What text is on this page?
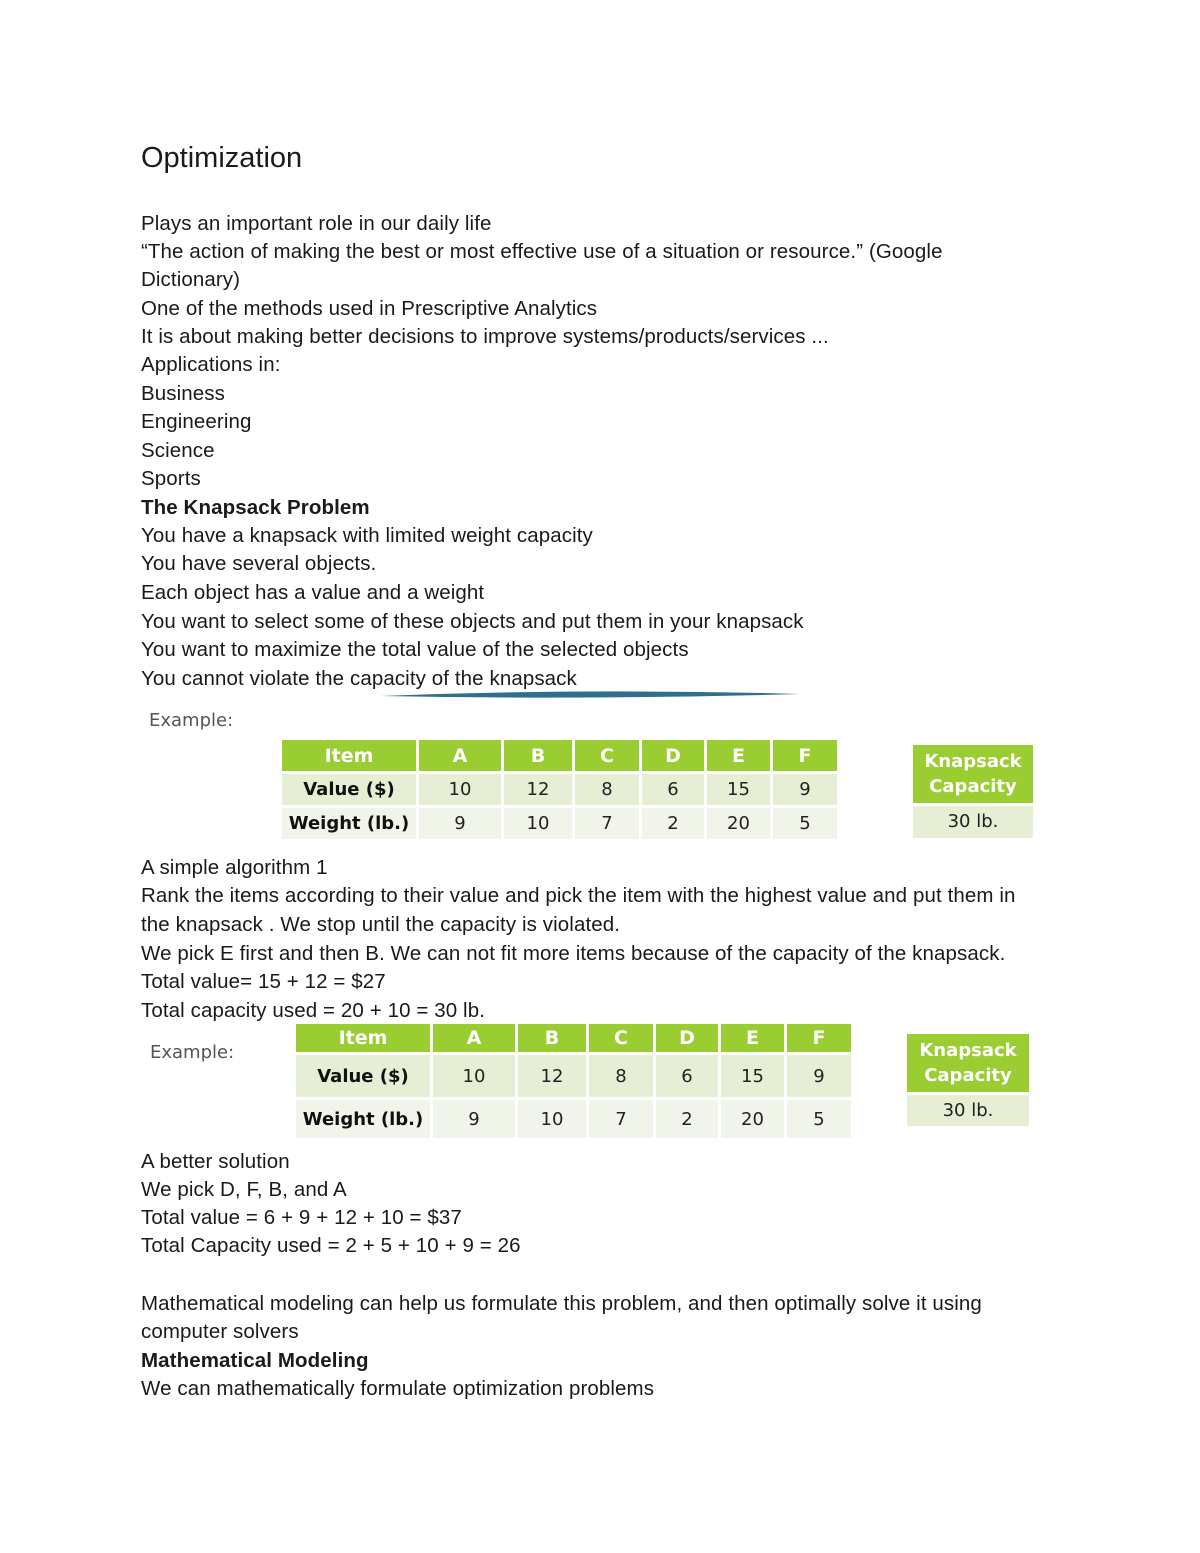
Optimization
Plays an important role in our daily life
“The action of making the best or most effective use of a situation or resource.” (Google
Dictionary)
One of the methods used in Prescriptive Analytics
It is about making better decisions to improve systems/products/services ...
Applications in:
Business
Engineering
Science
Sports
The Knapsack Problem
You have a knapsack with limited weight capacity
You have several objects.
Each object has a value and a weight
You want to select some of these objects and put them in your knapsack
You want to maximize the total value of the selected objects
You cannot violate the capacity of the knapsack
Example:
Item	A	B	C	D	E	F
Value ($)	10	12	8	6	15	9
Weight (lb.)	9	10	7	2	20	5
Knapsack
Capacity
30 lb.
A simple algorithm 1
Rank the items according to their value and pick the item with the highest value and put them in
the knapsack . We stop until the capacity is violated.
We pick E first and then B. We can not fit more items because of the capacity of the knapsack.
Total value= 15 + 12 = $27
Total capacity used = 20 + 10 = 30 lb.
Example:
Item	A	B	C	D	E	F
Value ($)	10	12	8	6	15	9
Weight (lb.)	9	10	7	2	20	5
Knapsack
Capacity
30 lb.
A better solution
We pick D, F, B, and A
Total value = 6 + 9 + 12 + 10 = $37
Total Capacity used = 2 + 5 + 10 + 9 = 26
Mathematical modeling can help us formulate this problem, and then optimally solve it using
computer solvers
Mathematical Modeling
We can mathematically formulate optimization problems
